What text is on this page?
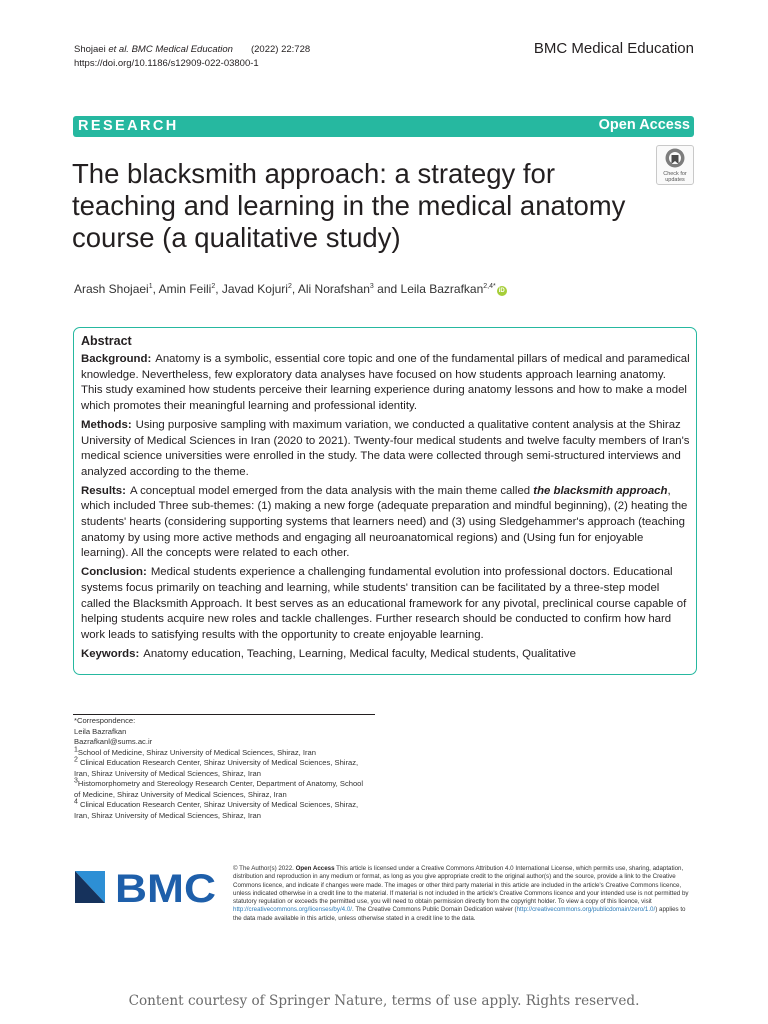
Shojaei et al. BMC Medical Education (2022) 22:728
https://doi.org/10.1186/s12909-022-03800-1
BMC Medical Education
RESEARCH	Open Access
Check for updates
The blacksmith approach: a strategy for teaching and learning in the medical anatomy course (a qualitative study)
Arash Shojaei$^1$, Amin Feili$^2$, Javad Kojuri$^2$, Ali Norafshan$^3$ and Leila Bazrafkan$^{2,4*}$iD
Abstract

Background: Anatomy is a symbolic, essential core topic and one of the fundamental pillars of medical and paramedical knowledge. Nevertheless, few exploratory data analyses have focused on how students approach learning anatomy. This study examined how students perceive their learning experience during anatomy lessons and how to make a model which promotes their meaningful learning and professional identity.

Methods: Using purposive sampling with maximum variation, we conducted a qualitative content analysis at the Shiraz University of Medical Sciences in Iran (2020 to 2021). Twenty-four medical students and twelve faculty members of Iran's medical science universities were enrolled in the study. The data were collected through semi-structured interviews and analyzed according to the theme.

Results: A conceptual model emerged from the data analysis with the main theme called the blacksmith approach, which included Three sub-themes: (1) making a new forge (adequate preparation and mindful beginning), (2) heating the students' hearts (considering supporting systems that learners need) and (3) using Sledgehammer's approach (teaching anatomy by using more active methods and engaging all neuroanatomical regions) and (Using fun for enjoyable learning). All the concepts were related to each other.

Conclusion: Medical students experience a challenging fundamental evolution into professional doctors. Educational systems focus primarily on teaching and learning, while students' transition can be facilitated by a three-step model called the Blacksmith Approach. It best serves as an educational framework for any pivotal, preclinical course capable of helping students acquire new roles and tackle challenges. Further research should be conducted to confirm how hard work leads to satisfying results with the opportunity to create enjoyable learning.

Keywords: Anatomy education, Teaching, Learning, Medical faculty, Medical students, Qualitative

*Correspondence:
Leila Bazrafkan
Bazrafkanl@sums.ac.ir
$^1$School of Medicine, Shiraz University of Medical Sciences, Shiraz, Iran
$^2$ Clinical Education Research Center, Shiraz University of Medical Sciences, Shiraz, Iran, Shiraz University of Medical Sciences, Shiraz, Iran
$^3$Histomorphometry and Stereology Research Center, Department of Anatomy, School of Medicine, Shiraz University of Medical Sciences, Shiraz, Iran
$^4$ Clinical Education Research Center, Shiraz University of Medical Sciences, Shiraz, Iran, Shiraz University of Medical Sciences, Shiraz, Iran
BMC	© The Author(s) 2022. Open Access This article is licensed under a Creative Commons Attribution 4.0 International License, which permits use, sharing, adaptation, distribution and reproduction in any medium or format, as long as you give appropriate credit to the original author(s) and the source, provide a link to the Creative Commons licence, and indicate if changes were made. The images or other third party material in this article are included in the article's Creative Commons licence, unless indicated otherwise in a credit line to the material. If material is not included in the article's Creative Commons licence and your intended use is not permitted by statutory regulation or exceeds the permitted use, you will need to obtain permission directly from the copyright holder. To view a copy of this licence, visit http://creativecommons.org/licenses/by/4.0/. The Creative Commons Public Domain Dedication waiver (http://creativecommons.org/publicdomain/zero/1.0/) applies to the data made available in this article, unless otherwise stated in a credit line to the data.
Content courtesy of Springer Nature, terms of use apply. Rights reserved.
